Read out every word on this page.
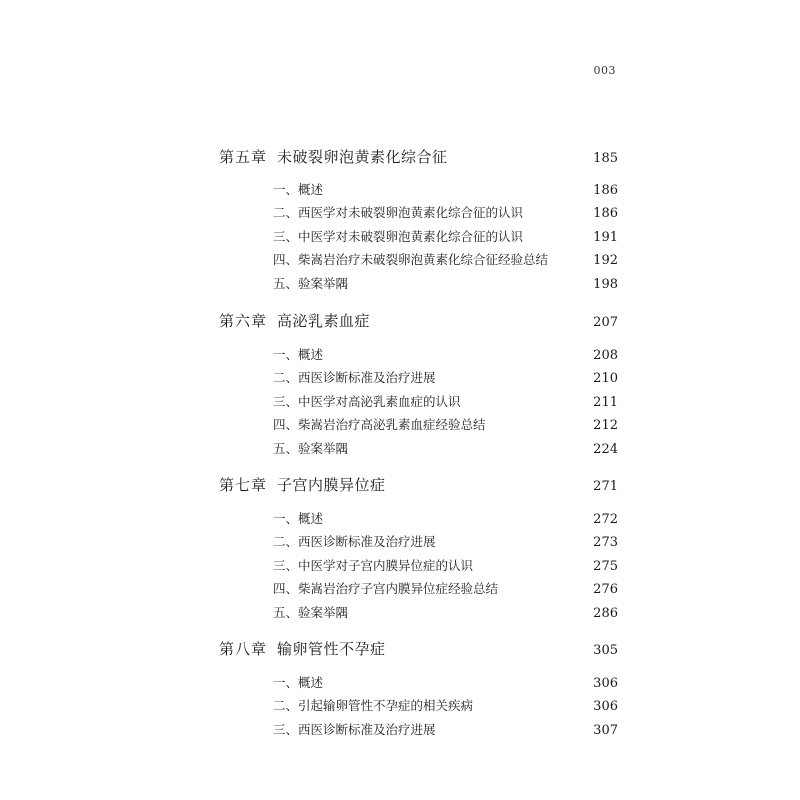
003
第五章 未破裂卵泡黄素化综合征	185
一、概述	186
二、西医学对未破裂卵泡黄素化综合征的认识	186
三、中医学对未破裂卵泡黄素化综合征的认识	191
四、柴嵩岩治疗未破裂卵泡黄素化综合征经验总结	192
五、验案举隅	198
第六章 高泌乳素血症	207
一、概述	208
二、西医诊断标准及治疗进展	210
三、中医学对高泌乳素血症的认识	211
四、柴嵩岩治疗高泌乳素血症经验总结	212
五、验案举隅	224
第七章 子宫内膜异位症	271
一、概述	272
二、西医诊断标准及治疗进展	273
三、中医学对子宫内膜异位症的认识	275
四、柴嵩岩治疗子宫内膜异位症经验总结	276
五、验案举隅	286
第八章 输卵管性不孕症	305
一、概述	306
二、引起输卵管性不孕症的相关疾病	306
三、西医诊断标准及治疗进展	307
